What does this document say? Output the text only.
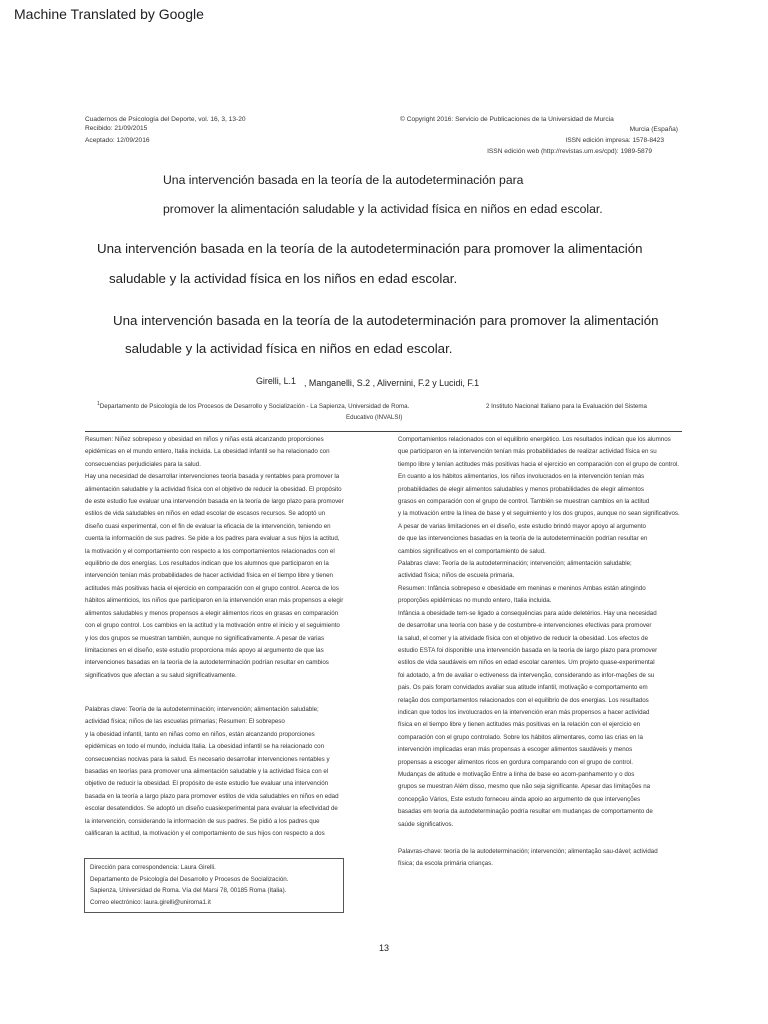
Machine Translated by Google
Cuadernos de Psicología del Deporte, vol. 16, 3, 13-20
Recibido: 21/09/2015
Aceptado: 12/09/2016
© Copyright 2016: Servicio de Publicaciones de la Universidad de Murcia
Murcia (España)
ISSN edición impresa: 1578-8423
ISSN edición web (http://revistas.um.es/cpd): 1989-5879
Una intervención basada en la teoría de la autodeterminación para
promover la alimentación saludable y la actividad física en niños en edad escolar.
Una intervención basada en la teoría de la autodeterminación para promover la alimentación
saludable y la actividad física en los niños en edad escolar.
Una intervención basada en la teoría de la autodeterminación para promover la alimentación
saludable y la actividad física en niños en edad escolar.
Girelli, L.1 , Manganelli, S.2 , Alivernini, F.2 y Lucidi, F.1
$^1$Departamento de Psicología de los Procesos de Desarrollo y Socialización - La Sapienza, Universidad de Roma.	2 Instituto Nacional Italiano para la Evaluación del Sistema
Educativo (INVALSI)

Resumen: Niñez sobrepeso y obesidad en niños y niñas está alcanzando proporciones

epidémicas en el mundo entero, Italia incluida. La obesidad infantil se ha relacionado con

consecuencias perjudiciales para la salud.

Hay una necesidad de desarrollar intervenciones teoría basada y rentables para promover la

alimentación saludable y la actividad física con el objetivo de reducir la obesidad. El propósito

de este estudio fue evaluar una intervención basada en la teoría de largo plazo para promover

estilos de vida saludables en niños en edad escolar de escasos recursos. Se adoptó un

diseño cuasi experimental, con el fin de evaluar la eficacia de la intervención, teniendo en

cuenta la información de sus padres. Se pide a los padres para evaluar a sus hijos la actitud,

la motivación y el comportamiento con respecto a los comportamientos relacionados con el

equilibrio de dos energías. Los resultados indican que los alumnos que participaron en la

intervención tenían más probabilidades de hacer actividad física en el tiempo libre y tienen

actitudes más positivas hacia el ejercicio en comparación con el grupo control. Acerca de los

hábitos alimenticios, los niños que participaron en la intervención eran más propensos a elegir

alimentos saludables y menos propensos a elegir alimentos ricos en grasas en comparación

con el grupo control. Los cambios en la actitud y la motivación entre el inicio y el seguimiento

y los dos grupos se muestran también, aunque no significativamente. A pesar de varias

limitaciones en el diseño, este estudio proporciona más apoyo al argumento de que las

intervenciones basadas en la teoría de la autodeterminación podrían resultar en cambios

significativos que afectan a su salud significativamente.

Palabras clave: Teoría de la autodeterminación; intervención; alimentación saludable;

actividad física; niños de las escuelas primarias; Resumen: El sobrepeso

y la obesidad infantil, tanto en niñas como en niños, están alcanzando proporciones

epidémicas en todo el mundo, incluida Italia. La obesidad infantil se ha relacionado con

consecuencias nocivas para la salud. Es necesario desarrollar intervenciones rentables y

basadas en teorías para promover una alimentación saludable y la actividad física con el

objetivo de reducir la obesidad. El propósito de este estudio fue evaluar una intervención

basada en la teoría a largo plazo para promover estilos de vida saludables en niños en edad

escolar desatendidos. Se adoptó un diseño cuasiexperimental para evaluar la efectividad de

la intervención, considerando la información de sus padres. Se pidió a los padres que

calificaran la actitud, la motivación y el comportamiento de sus hijos con respecto a dos

Comportamientos relacionados con el equilibrio energético. Los resultados indican que los alumnos

que participaron en la intervención tenían más probabilidades de realizar actividad física en su

tiempo libre y tenían actitudes más positivas hacia el ejercicio en comparación con el grupo de control.

En cuanto a los hábitos alimentarios, los niños involucrados en la intervención tenían más

probabilidades de elegir alimentos saludables y menos probabilidades de elegir alimentos

grasos en comparación con el grupo de control. También se muestran cambios en la actitud

y la motivación entre la línea de base y el seguimiento y los dos grupos, aunque no sean significativos.

A pesar de varias limitaciones en el diseño, este estudio brindó mayor apoyo al argumento

de que las intervenciones basadas en la teoría de la autodeterminación podrían resultar en

cambios significativos en el comportamiento de salud.

Palabras clave: Teoría de la autodeterminación; intervención; alimentación saludable;

actividad física; niños de escuela primaria.

Resumen: Infância sobrepeso e obesidade em meninas e meninos Ambas están atingindo

proporções epidêmicas no mundo entero, Italia incluida.

Infância a obesidade tem-se ligado a consequências para aúde deletérios. Hay una necesidad

de desarrollar una teoría con base y de costumbre-e intervenciones efectivas para promover

la salud, el comer y la atividade física con el objetivo de reducir la obesidad. Los efectos de

estudio ESTA foi disponible una intervención basada en la teoría de largo plazo para promover

estilos de vida saudáveis em niños en edad escolar carentes. Um projeto quase-experimental

foi adotado, a fm de avaliar o ectiveness da intervenção, considerando as infor-mações de su

pais. Os pais foram convidados avaliar sua atitude infantil, motivação e comportamento em

relação dos comportamentos relacionados con el equilibrio de dos energias. Los resultados

indican que todos los involucrados en la intervención eran más propensos a hacer actividad

física en el tiempo libre y tienen actitudes más positivas en la relación con el ejercicio en

comparación con el grupo controlado. Sobre los hábitos alimentares, como las crias en la

intervención implicadas eran más propensas a escoger alimentos saudáveis y menos

propensas a escoger alimentos ricos en gordura comparando con el grupo de control.

Mudanças de atitude e motivação Entre a linha de base eo acom-panhamento y o dos

grupos se muestran Além disso, mesmo que não seja significante. Apesar das limitações na

concepção Vários, Este estudo forneceu ainda apoio ao argumento de que intervenções

basadas em teoria da autodeterminação podría resultar em mudanças de comportamento de

saúde significativos.

Palavras-chave: teoría de la autodeterminación; intervención; alimentação sau-dável; actividad

física; da escola primária crianças.

Dirección para correspondencia: Laura Girelli.

Departamento de Psicología del Desarrollo y Procesos de Socialización.

Sapienza, Universidad de Roma. Vía del Marsi 78, 00185 Roma (Italia).

Correo electrónico: laura.girelli@uniroma1.it

13
